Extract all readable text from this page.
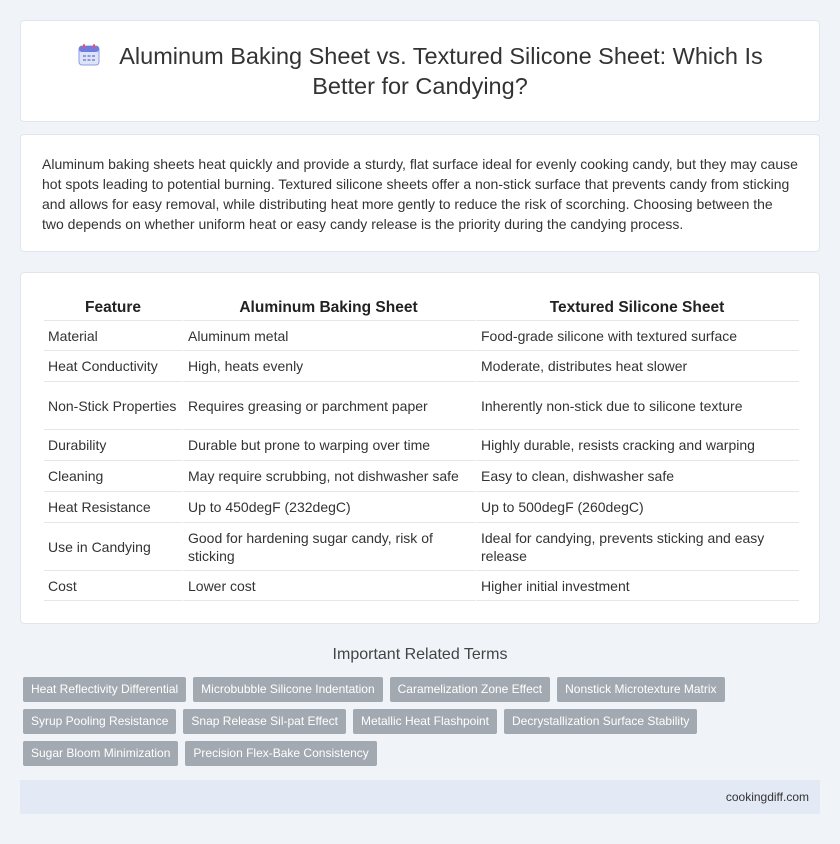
Aluminum Baking Sheet vs. Textured Silicone Sheet: Which Is Better for Candying?

Aluminum baking sheets heat quickly and provide a sturdy, flat surface ideal for evenly cooking candy, but they may cause hot spots leading to potential burning. Textured silicone sheets offer a non-stick surface that prevents candy from sticking and allows for easy removal, while distributing heat more gently to reduce the risk of scorching. Choosing between the two depends on whether uniform heat or easy candy release is the priority during the candying process.

Feature	Aluminum Baking Sheet	Textured Silicone Sheet
Material	Aluminum metal	Food-grade silicone with textured surface
Heat Conductivity	High, heats evenly	Moderate, distributes heat slower
Non-Stick Properties	Requires greasing or parchment paper	Inherently non-stick due to silicone texture
Durability	Durable but prone to warping over time	Highly durable, resists cracking and warping
Cleaning	May require scrubbing, not dishwasher safe	Easy to clean, dishwasher safe
Heat Resistance	Up to 450degF (232degC)	Up to 500degF (260degC)
Use in Candying	Good for hardening sugar candy, risk of sticking	Ideal for candying, prevents sticking and easy release
Cost	Lower cost	Higher initial investment
Important Related Terms
Heat Reflectivity Differential	Microbubble Silicone Indentation	Caramelization Zone Effect	Nonstick Microtexture Matrix
Syrup Pooling Resistance	Snap Release Sil-pat Effect	Metallic Heat Flashpoint	Decrystallization Surface Stability
Sugar Bloom Minimization	Precision Flex-Bake Consistency
cookingdiff.com
